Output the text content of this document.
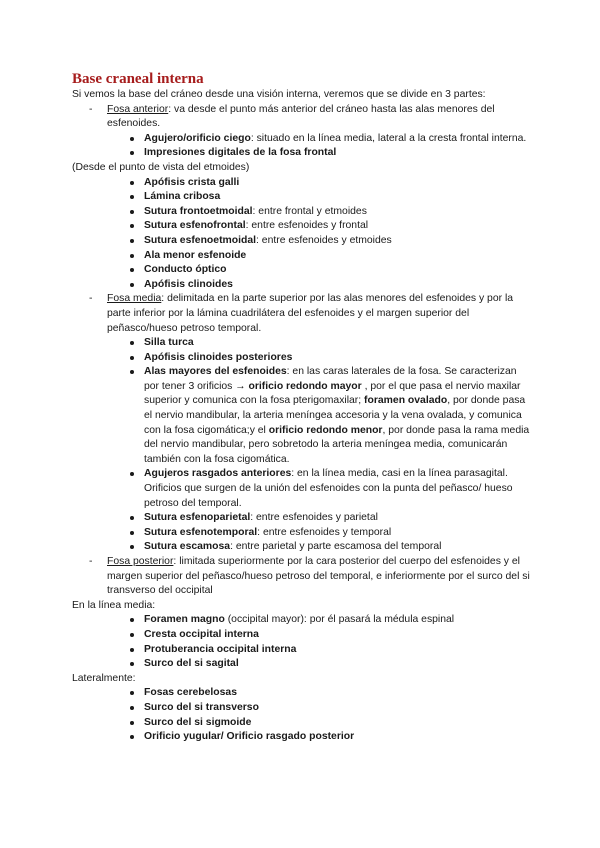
Base craneal interna

Si vemos la base del cráneo desde una visión interna, veremos que se divide en 3 partes:

- Fosa anterior: va desde el punto más anterior del cráneo hasta las alas menores del esfenoides.
Agujero/orificio ciego: situado en la línea media, lateral a la cresta frontal interna.
Impresiones digitales de la fosa frontal

(Desde el punto de vista del etmoides)

Apófisis crista galli
Lámina cribosa
Sutura frontoetmoidal: entre frontal y etmoides
Sutura esfenofrontal: entre esfenoides y frontal
Sutura esfenoetmoidal: entre esfenoides y etmoides
Ala menor esfenoide
Conducto óptico
Apófisis clinoides
- Fosa media: delimitada en la parte superior por las alas menores del esfenoides y por la parte inferior por la lámina cuadrilátera del esfenoides y el margen superior del peñasco/hueso petroso temporal.
Silla turca
Apófisis clinoides posteriores
Alas mayores del esfenoides: en las caras laterales de la fosa. Se caracterizan por tener 3 orificios → orificio redondo mayor , por el que pasa el nervio maxilar superior y comunica con la fosa pterigomaxilar; foramen ovalado, por donde pasa el nervio mandibular, la arteria meníngea accesoria y la vena ovalada, y comunica con la fosa cigomática;y el orificio redondo menor, por donde pasa la rama media del nervio mandibular, pero sobretodo la arteria meníngea media, comunicarán también con la fosa cigomática.
Agujeros rasgados anteriores: en la línea media, casi en la línea parasagital. Orificios que surgen de la unión del esfenoides con la punta del peñasco/ hueso petroso del temporal.
Sutura esfenoparietal: entre esfenoides y parietal
Sutura esfenotemporal: entre esfenoides y temporal
Sutura escamosa: entre parietal y parte escamosa del temporal
- Fosa posterior: limitada superiormente por la cara posterior del cuerpo del esfenoides y el margen superior del peñasco/hueso petroso del temporal, e inferiormente por el surco del si transverso del occipital

En la línea media:

Foramen magno (occipital mayor): por él pasará la médula espinal
Cresta occipital interna
Protuberancia occipital interna
Surco del si sagital

Lateralmente:

Fosas cerebelosas
Surco del si transverso
Surco del si sigmoide
Orificio yugular/ Orificio rasgado posterior
